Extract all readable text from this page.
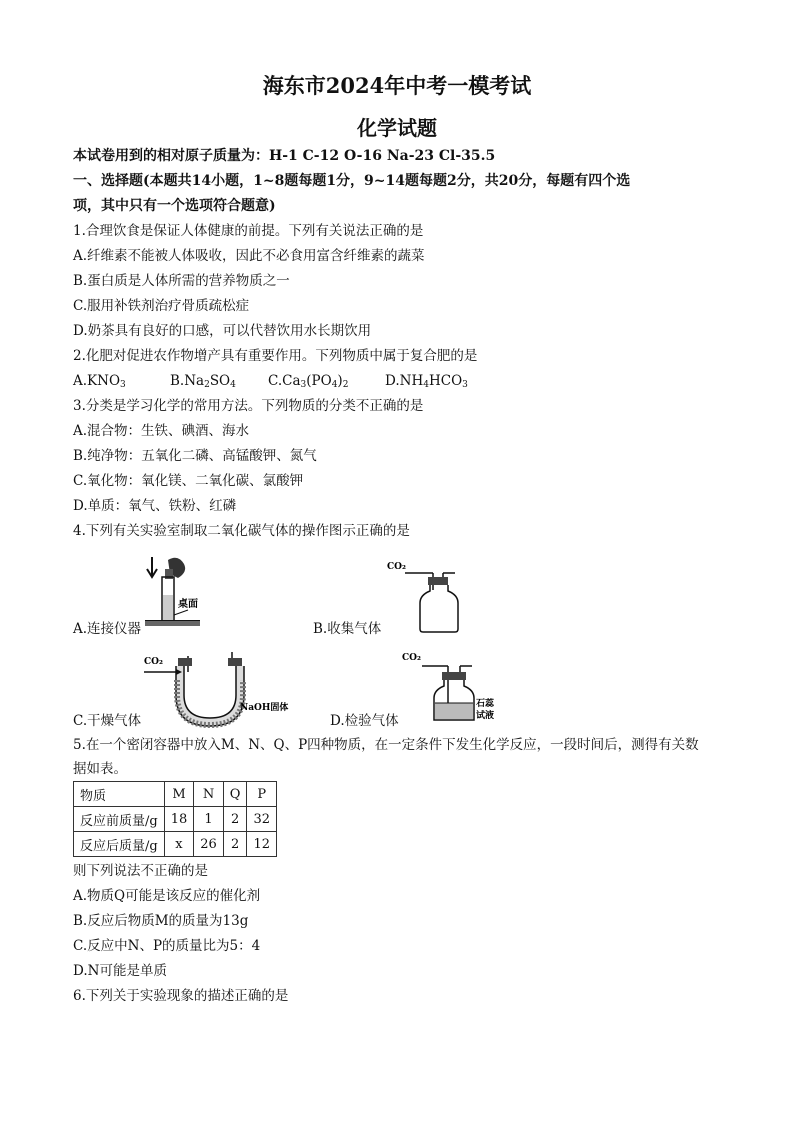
海东市2024年中考一模考试
化学试题
本试卷用到的相对原子质量为：H-1 C-12 O-16 Na-23 Cl-35.5
一、选择题(本题共14小题，1~8题每题1分，9~14题每题2分，共20分，每题有四个选
项，其中只有一个选项符合题意)
1.合理饮食是保证人体健康的前提。下列有关说法正确的是
A.纤维素不能被人体吸收，因此不必食用富含纤维素的蔬菜
B.蛋白质是人体所需的营养物质之一
C.服用补铁剂治疗骨质疏松症
D.奶茶具有良好的口感，可以代替饮用水长期饮用
2.化肥对促进农作物增产具有重要作用。下列物质中属于复合肥的是
$A.KNO_3$	$B.Na_2SO_4$ $C.Ca_3(PO_4)_2$	$D.NH_4HCO_3$
3.分类是学习化学的常用方法。下列物质的分类不正确的是
A.混合物：生铁、碘酒、海水
B.纯净物：五氧化二磷、高锰酸钾、氮气
C.氧化物：氧化镁、二氧化碳、氯酸钾
D.单质：氧气、铁粉、红磷
4.下列有关实验室制取二氧化碳气体的操作图示正确的是
桌面
A.连接仪器
CO₂
B.收集气体
CO₂
NaOH固体
C.干燥气体
CO₂
石蕊
试液
D.检验气体
5.在一个密闭容器中放入M、N、Q、P四种物质，在一定条件下发生化学反应，一段时间后，测得有关数
据如表。
物质	M	N	Q	P
反应前质量/g	18	1	2	32
反应后质量/g	x	26	2	12
则下列说法不正确的是
A.物质Q可能是该反应的催化剂
B.反应后物质M的质量为13g
C.反应中N、P的质量比为5：4
D.N可能是单质
6.下列关于实验现象的描述正确的是
